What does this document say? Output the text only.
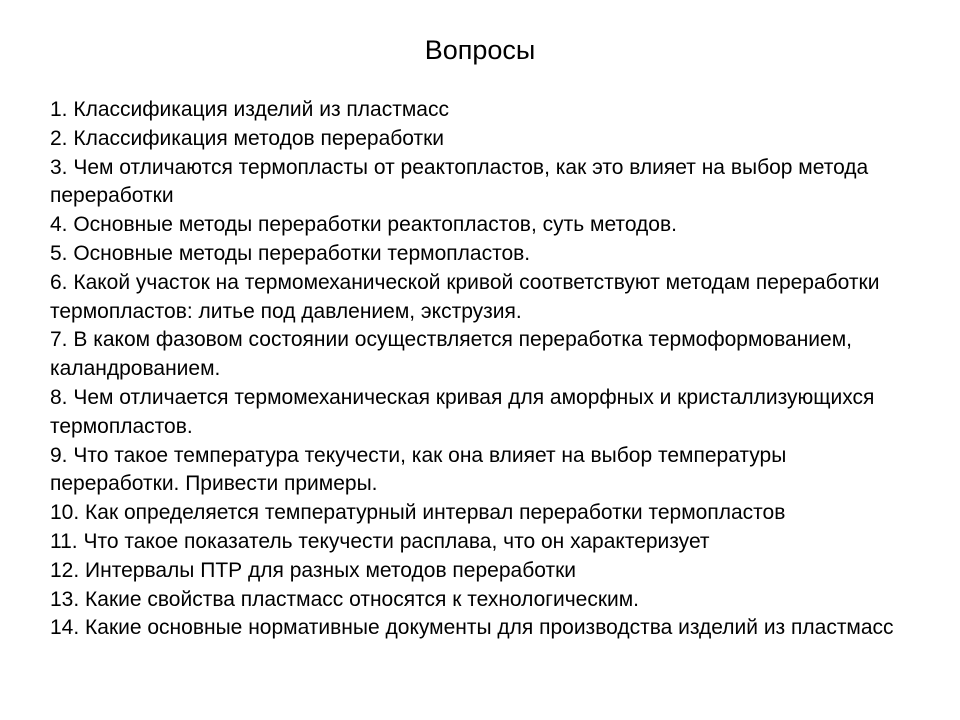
Вопросы
1. Классификация изделий из пластмасс
2. Классификация методов переработки
3. Чем отличаются термопласты от реактопластов, как это влияет на выбор метода переработки
4. Основные методы переработки реактопластов, суть методов.
5. Основные методы переработки термопластов.
6. Какой участок на термомеханической кривой соответствуют методам переработки термопластов: литье под давлением, экструзия.
7. В каком фазовом состоянии осуществляется переработка термоформованием, каландрованием.
8. Чем отличается термомеханическая кривая для аморфных и кристаллизующихся термопластов.
9. Что такое температура текучести, как она влияет на выбор температуры переработки. Привести примеры.
10. Как определяется температурный интервал переработки термопластов
11. Что такое показатель текучести расплава, что он характеризует
12. Интервалы ПТР для разных методов переработки
13. Какие свойства пластмасс относятся к технологическим.
14. Какие основные нормативные документы для производства изделий из пластмасс
